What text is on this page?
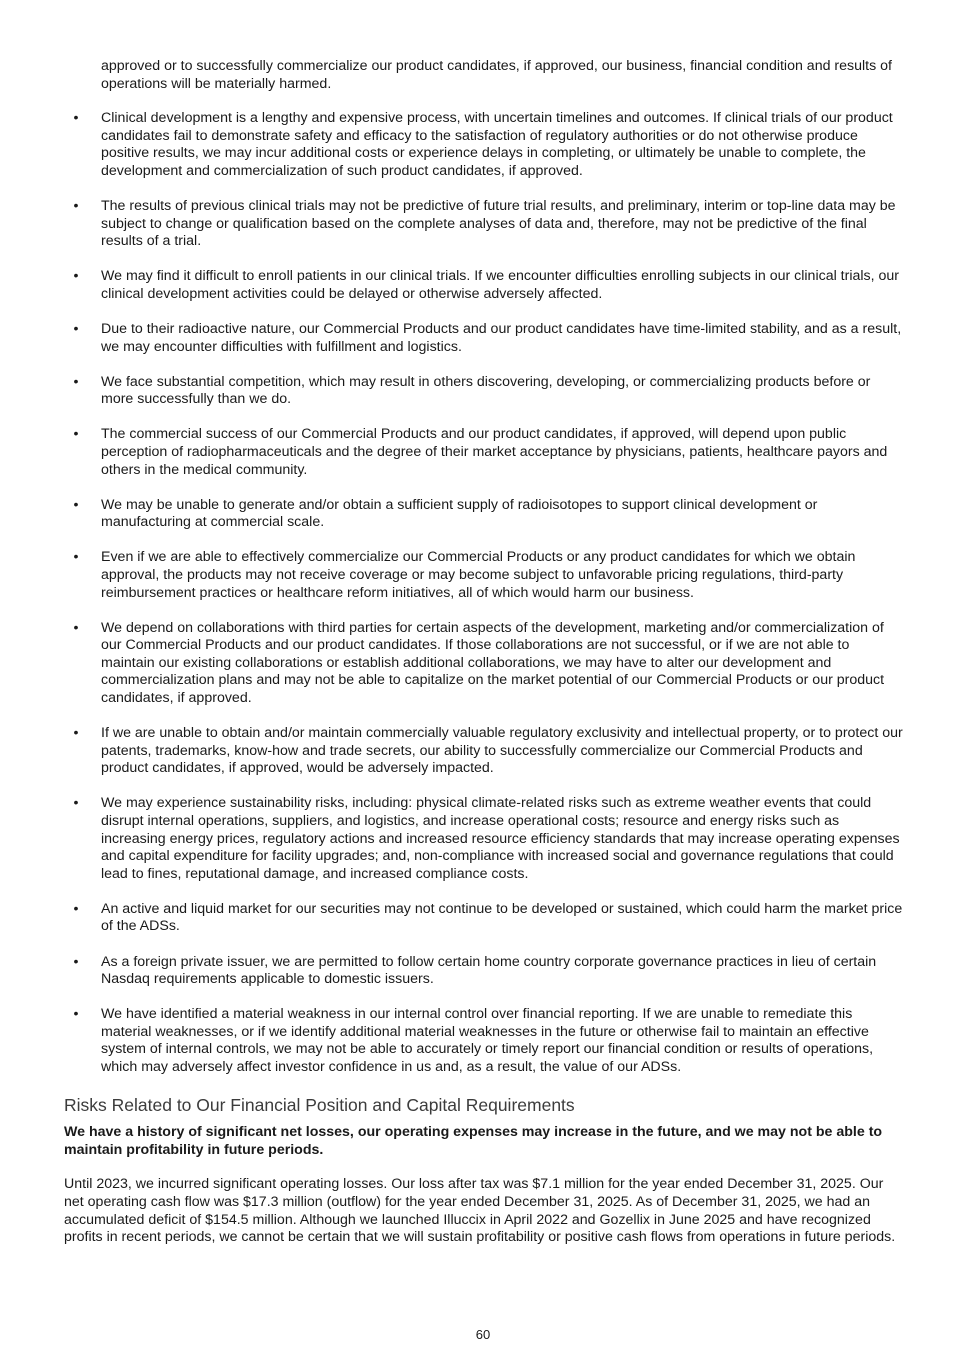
approved or to successfully commercialize our product candidates, if approved, our business, financial condition and results of operations will be materially harmed.

• Clinical development is a lengthy and expensive process, with uncertain timelines and outcomes. If clinical trials of our product candidates fail to demonstrate safety and efficacy to the satisfaction of regulatory authorities or do not otherwise produce positive results, we may incur additional costs or experience delays in completing, or ultimately be unable to complete, the development and commercialization of such product candidates, if approved.
• The results of previous clinical trials may not be predictive of future trial results, and preliminary, interim or top-line data may be subject to change or qualification based on the complete analyses of data and, therefore, may not be predictive of the final results of a trial.
• We may find it difficult to enroll patients in our clinical trials. If we encounter difficulties enrolling subjects in our clinical trials, our clinical development activities could be delayed or otherwise adversely affected.
• Due to their radioactive nature, our Commercial Products and our product candidates have time-limited stability, and as a result, we may encounter difficulties with fulfillment and logistics.
• We face substantial competition, which may result in others discovering, developing, or commercializing products before or more successfully than we do.
• The commercial success of our Commercial Products and our product candidates, if approved, will depend upon public perception of radiopharmaceuticals and the degree of their market acceptance by physicians, patients, healthcare payors and others in the medical community.
• We may be unable to generate and/or obtain a sufficient supply of radioisotopes to support clinical development or manufacturing at commercial scale.
• Even if we are able to effectively commercialize our Commercial Products or any product candidates for which we obtain approval, the products may not receive coverage or may become subject to unfavorable pricing regulations, third-party reimbursement practices or healthcare reform initiatives, all of which would harm our business.
• We depend on collaborations with third parties for certain aspects of the development, marketing and/or commercialization of our Commercial Products and our product candidates. If those collaborations are not successful, or if we are not able to maintain our existing collaborations or establish additional collaborations, we may have to alter our development and commercialization plans and may not be able to capitalize on the market potential of our Commercial Products or our product candidates, if approved.
• If we are unable to obtain and/or maintain commercially valuable regulatory exclusivity and intellectual property, or to protect our patents, trademarks, know-how and trade secrets, our ability to successfully commercialize our Commercial Products and product candidates, if approved, would be adversely impacted.
• We may experience sustainability risks, including: physical climate-related risks such as extreme weather events that could disrupt internal operations, suppliers, and logistics, and increase operational costs; resource and energy risks such as increasing energy prices, regulatory actions and increased resource efficiency standards that may increase operating expenses and capital expenditure for facility upgrades; and, non-compliance with increased social and governance regulations that could lead to fines, reputational damage, and increased compliance costs.
• An active and liquid market for our securities may not continue to be developed or sustained, which could harm the market price of the ADSs.
• As a foreign private issuer, we are permitted to follow certain home country corporate governance practices in lieu of certain Nasdaq requirements applicable to domestic issuers.
• We have identified a material weakness in our internal control over financial reporting. If we are unable to remediate this material weaknesses, or if we identify additional material weaknesses in the future or otherwise fail to maintain an effective system of internal controls, we may not be able to accurately or timely report our financial condition or results of operations, which may adversely affect investor confidence in us and, as a result, the value of our ADSs.
Risks Related to Our Financial Position and Capital Requirements

We have a history of significant net losses, our operating expenses may increase in the future, and we may not be able to maintain profitability in future periods.

Until 2023, we incurred significant operating losses. Our loss after tax was $7.1 million for the year ended December 31, 2025. Our net operating cash flow was $17.3 million (outflow) for the year ended December 31, 2025. As of December 31, 2025, we had an accumulated deficit of $154.5 million. Although we launched Illuccix in April 2022 and Gozellix in June 2025 and have recognized profits in recent periods, we cannot be certain that we will sustain profitability or positive cash flows from operations in future periods.

60
